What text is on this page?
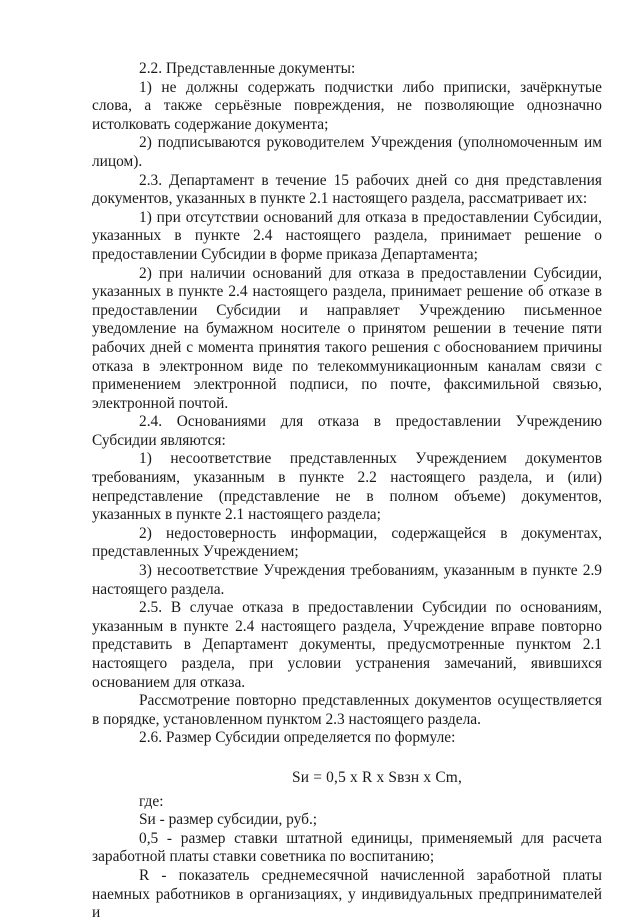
2.2. Представленные документы:

1) не должны содержать подчистки либо приписки, зачёркнутые слова, а также серьёзные повреждения, не позволяющие однозначно истолковать содержание документа;

2) подписываются руководителем Учреждения (уполномоченным им лицом).

2.3. Департамент в течение 15 рабочих дней со дня представления документов, указанных в пункте 2.1 настоящего раздела, рассматривает их:

1) при отсутствии оснований для отказа в предоставлении Субсидии, указанных в пункте 2.4 настоящего раздела, принимает решение о предоставлении Субсидии в форме приказа Департамента;

2) при наличии оснований для отказа в предоставлении Субсидии, указанных в пункте 2.4 настоящего раздела, принимает решение об отказе в предоставлении Субсидии и направляет Учреждению письменное уведомление на бумажном носителе о принятом решении в течение пяти рабочих дней с момента принятия такого решения с обоснованием причины отказа в электронном виде по телекоммуникационным каналам связи с применением электронной подписи, по почте, факсимильной связью, электронной почтой.

2.4. Основаниями для отказа в предоставлении Учреждению Субсидии являются:

1) несоответствие представленных Учреждением документов требованиям, указанным в пункте 2.2 настоящего раздела, и (или) непредставление (представление не в полном объеме) документов, указанных в пункте 2.1 настоящего раздела;

2) недостоверность информации, содержащейся в документах, представленных Учреждением;

3) несоответствие Учреждения требованиям, указанным в пункте 2.9 настоящего раздела.

2.5. В случае отказа в предоставлении Субсидии по основаниям, указанным в пункте 2.4 настоящего раздела, Учреждение вправе повторно представить в Департамент документы, предусмотренные пунктом 2.1 настоящего раздела, при условии устранения замечаний, явившихся основанием для отказа.

Рассмотрение повторно представленных документов осуществляется в порядке, установленном пунктом 2.3 настоящего раздела.

2.6. Размер Субсидии определяется по формуле:

Sи = 0,5 х R х Sвзн х Cm,

где:

Sи - размер субсидии, руб.;

0,5 - размер ставки штатной единицы, применяемый для расчета заработной платы ставки советника по воспитанию;

R - показатель среднемесячной начисленной заработной платы наемных работников в организациях, у индивидуальных предпринимателей и
